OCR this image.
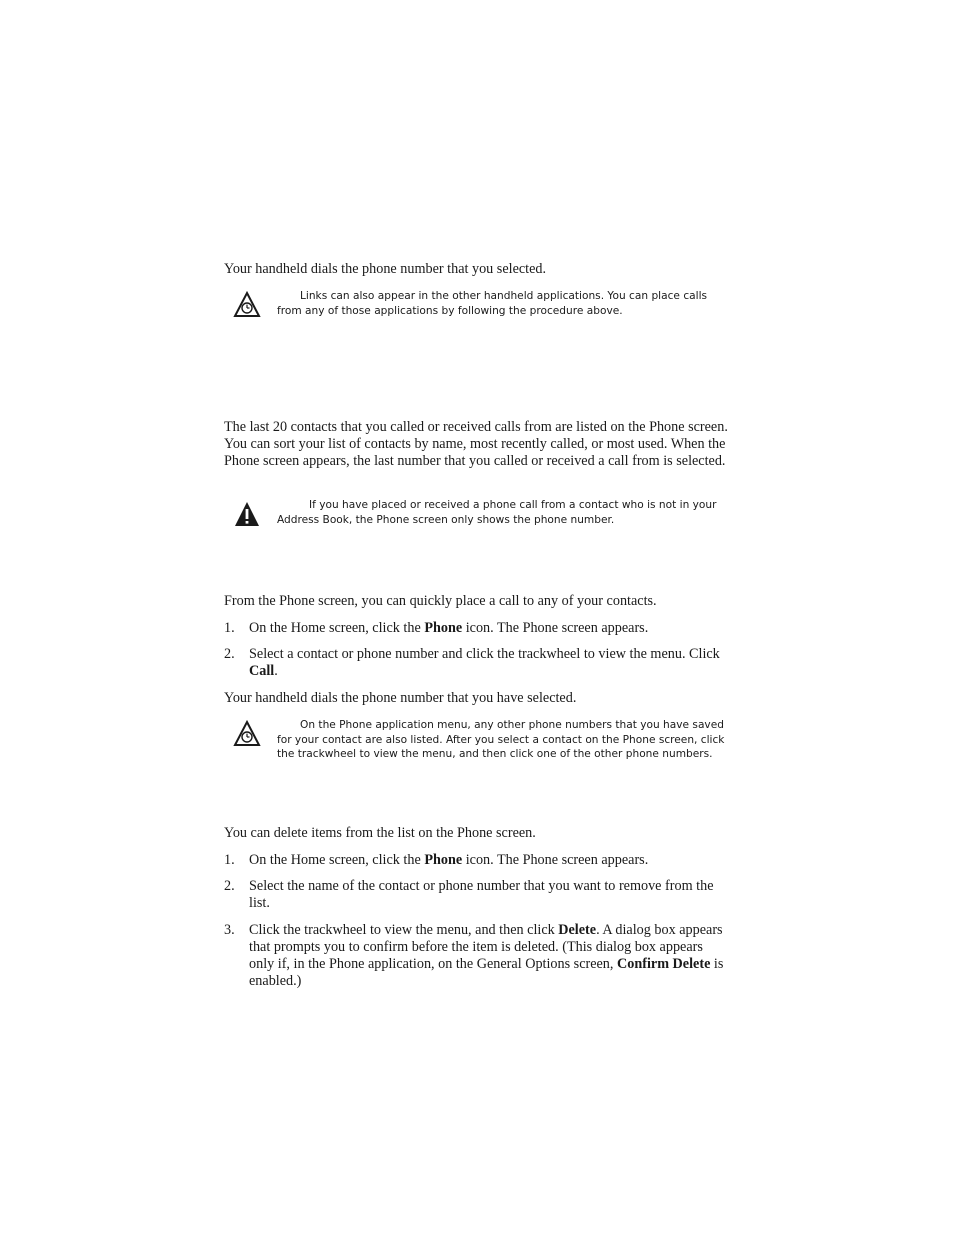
Your handheld dials the phone number that you selected.
Links can also appear in the other handheld applications. You can place calls from any of those applications by following the procedure above.
The last 20 contacts that you called or received calls from are listed on the Phone screen. You can sort your list of contacts by name, most recently called, or most used. When the Phone screen appears, the last number that you called or received a call from is selected.
If you have placed or received a phone call from a contact who is not in your Address Book, the Phone screen only shows the phone number.
From the Phone screen, you can quickly place a call to any of your contacts.
1.	On the Home screen, click the Phone icon. The Phone screen appears.
2.	Select a contact or phone number and click the trackwheel to view the menu. Click Call.
Your handheld dials the phone number that you have selected.
On the Phone application menu, any other phone numbers that you have saved for your contact are also listed. After you select a contact on the Phone screen, click the trackwheel to view the menu, and then click one of the other phone numbers.
You can delete items from the list on the Phone screen.
1.	On the Home screen, click the Phone icon. The Phone screen appears.
2.	Select the name of the contact or phone number that you want to remove from the list.
3.	Click the trackwheel to view the menu, and then click Delete. A dialog box appears that prompts you to confirm before the item is deleted. (This dialog box appears only if, in the Phone application, on the General Options screen, Confirm Delete is enabled.)
